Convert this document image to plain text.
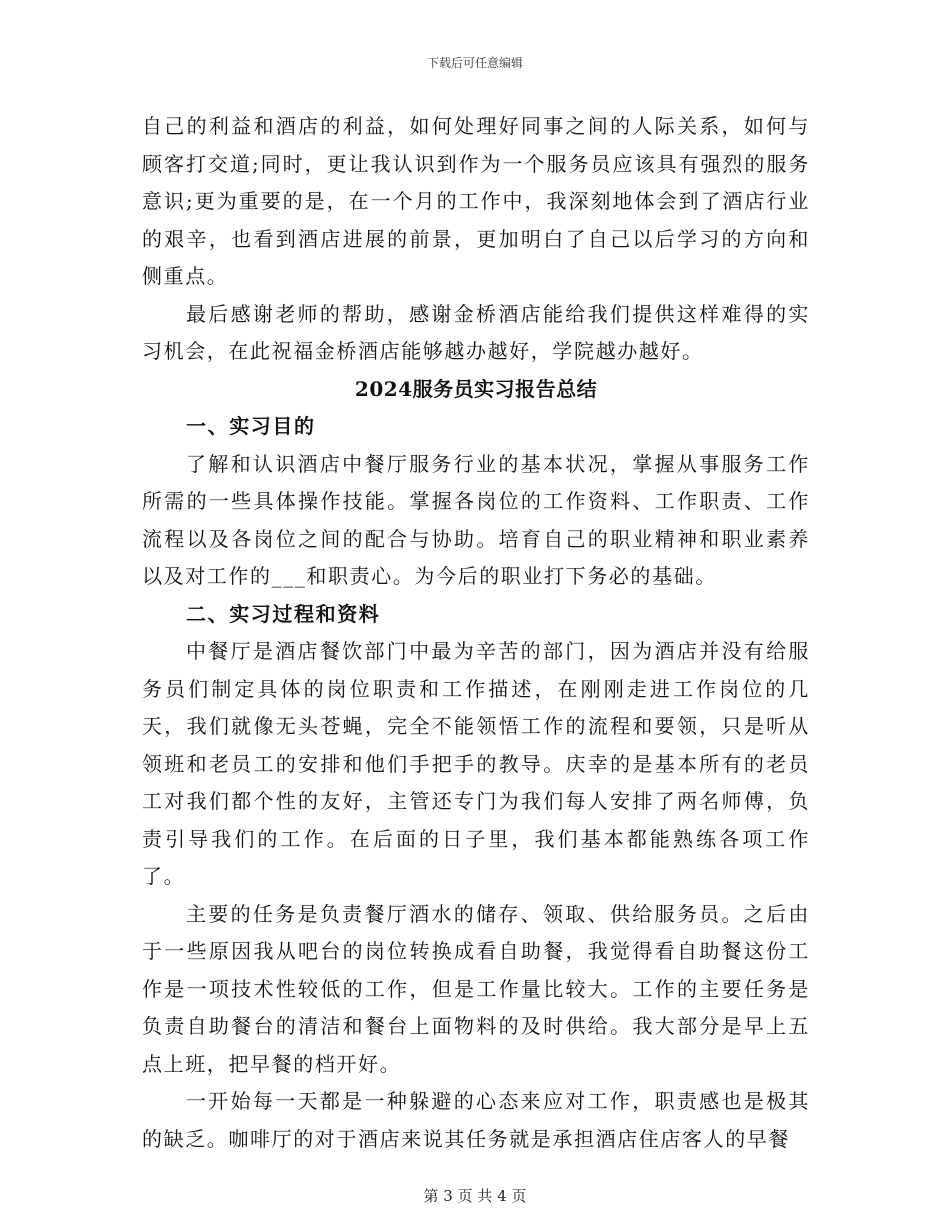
下载后可任意编辑

自己的利益和酒店的利益，如何处理好同事之间的人际关系，如何与顾客打交道;同时，更让我认识到作为一个服务员应该具有强烈的服务意识;更为重要的是，在一个月的工作中，我深刻地体会到了酒店行业的艰辛，也看到酒店进展的前景，更加明白了自己以后学习的方向和侧重点。

最后感谢老师的帮助，感谢金桥酒店能给我们提供这样难得的实习机会，在此祝福金桥酒店能够越办越好，学院越办越好。

2024服务员实习报告总结
一、实习目的

了解和认识酒店中餐厅服务行业的基本状况，掌握从事服务工作所需的一些具体操作技能。掌握各岗位的工作资料、工作职责、工作流程以及各岗位之间的配合与协助。培育自己的职业精神和职业素养以及对工作的___和职责心。为今后的职业打下务必的基础。

二、实习过程和资料

中餐厅是酒店餐饮部门中最为辛苦的部门，因为酒店并没有给服务员们制定具体的岗位职责和工作描述，在刚刚走进工作岗位的几天，我们就像无头苍蝇，完全不能领悟工作的流程和要领，只是听从领班和老员工的安排和他们手把手的教导。庆幸的是基本所有的老员工对我们都个性的友好，主管还专门为我们每人安排了两名师傅，负责引导我们的工作。在后面的日子里，我们基本都能熟练各项工作了。

主要的任务是负责餐厅酒水的储存、领取、供给服务员。之后由于一些原因我从吧台的岗位转换成看自助餐，我觉得看自助餐这份工作是一项技术性较低的工作，但是工作量比较大。工作的主要任务是负责自助餐台的清洁和餐台上面物料的及时供给。我大部分是早上五点上班，把早餐的档开好。

一开始每一天都是一种躲避的心态来应对工作，职责感也是极其的缺乏。咖啡厅的对于酒店来说其任务就是承担酒店住店客人的早餐

第 3 页 共 4 页
